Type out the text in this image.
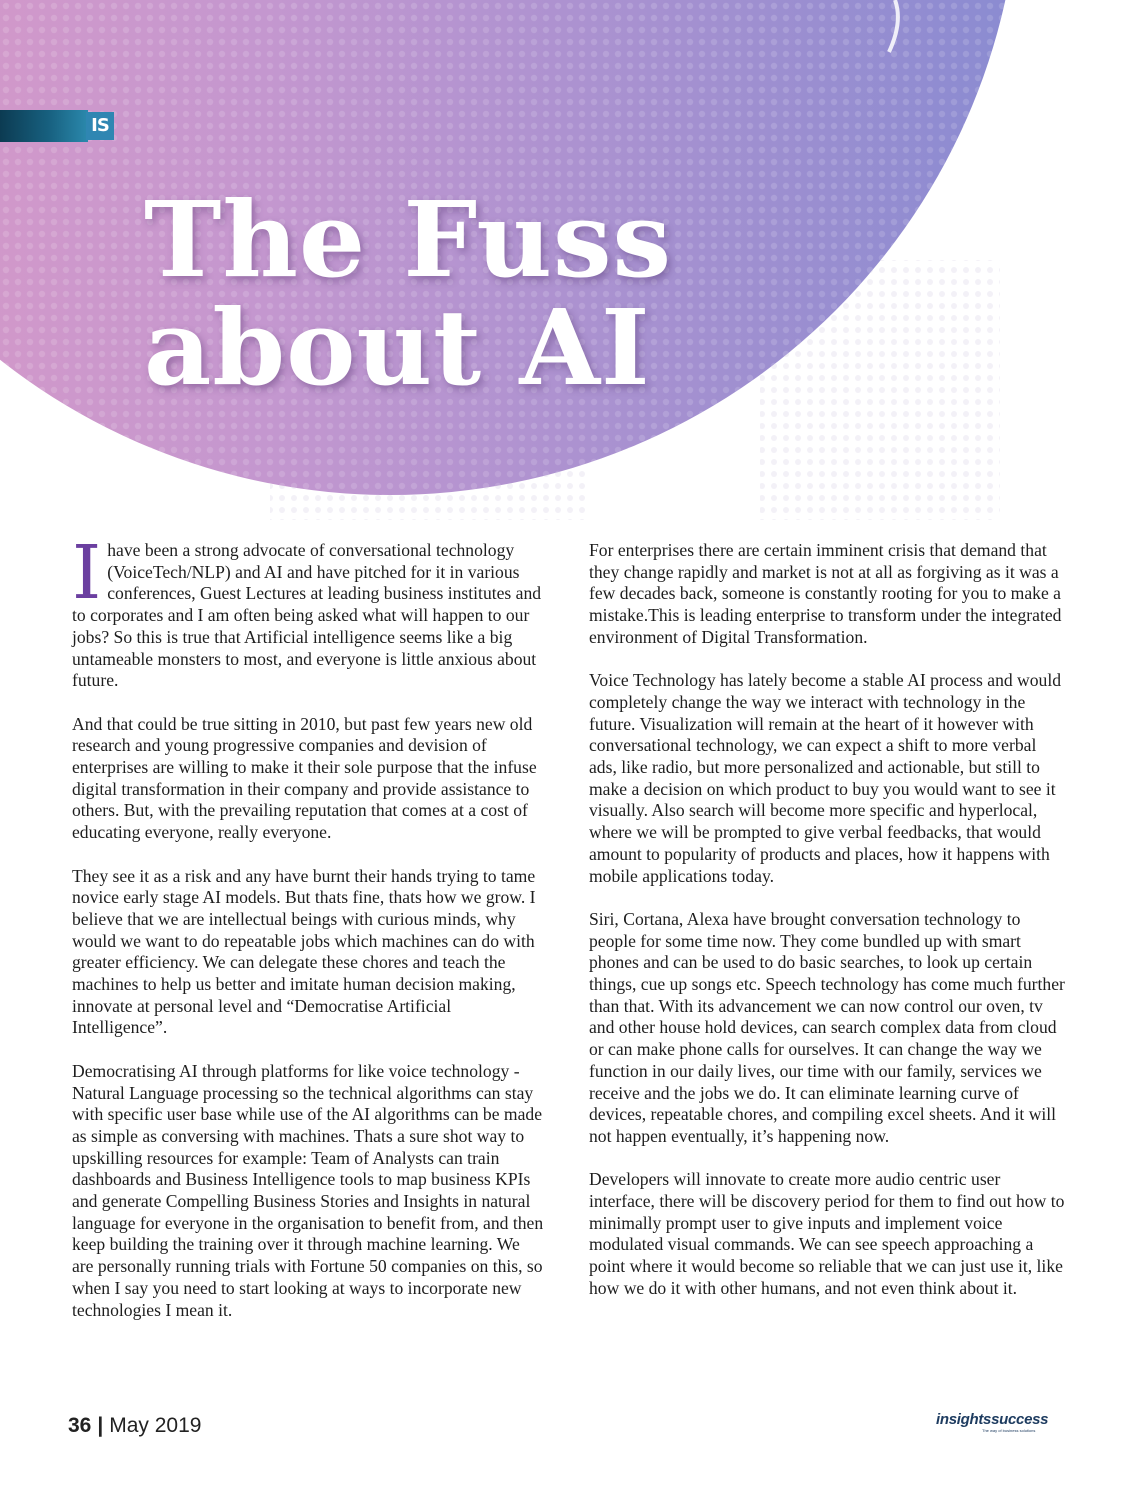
IS
The Fuss
about AI

I have been a strong advocate of conversational technology (VoiceTech/NLP) and AI and have pitched for it in various conferences, Guest Lectures at leading business institutes and to corporates and I am often being asked what will happen to our jobs? So this is true that Artificial intelligence seems like a big untameable monsters to most, and everyone is little anxious about future.

And that could be true sitting in 2010, but past few years new old research and young progressive companies and devision of enterprises are willing to make it their sole purpose that the infuse digital transformation in their company and provide assistance to others. But, with the prevailing reputation that comes at a cost of educating everyone, really everyone.

They see it as a risk and any have burnt their hands trying to tame novice early stage AI models. But thats fine, thats how we grow. I believe that we are intellectual beings with curious minds, why would we want to do repeatable jobs which machines can do with greater efficiency. We can delegate these chores and teach the machines to help us better and imitate human decision making, innovate at personal level and “Democratise Artificial Intelligence”.

Democratising AI through platforms for like voice technology - Natural Language processing so the technical algorithms can stay with specific user base while use of the AI algorithms can be made as simple as conversing with machines. Thats a sure shot way to upskilling resources for example: Team of Analysts can train dashboards and Business Intelligence tools to map business KPIs and generate Compelling Business Stories and Insights in natural language for everyone in the organisation to benefit from, and then keep building the training over it through machine learning. We are personally running trials with Fortune 50 companies on this, so when I say you need to start looking at ways to incorporate new technologies I mean it.

For enterprises there are certain imminent crisis that demand that they change rapidly and market is not at all as forgiving as it was a few decades back, someone is constantly rooting for you to make a mistake.This is leading enterprise to transform under the integrated environment of Digital Transformation.

Voice Technology has lately become a stable AI process and would completely change the way we interact with technology in the future. Visualization will remain at the heart of it however with conversational technology, we can expect a shift to more verbal ads, like radio, but more personalized and actionable, but still to make a decision on which product to buy you would want to see it visually. Also search will become more specific and hyperlocal, where we will be prompted to give verbal feedbacks, that would amount to popularity of products and places, how it happens with mobile applications today.

Siri, Cortana, Alexa have brought conversation technology to people for some time now. They come bundled up with smart phones and can be used to do basic searches, to look up certain things, cue up songs etc. Speech technology has come much further than that. With its advancement we can now control our oven, tv and other house hold devices, can search complex data from cloud or can make phone calls for ourselves. It can change the way we function in our daily lives, our time with our family, services we receive and the jobs we do. It can eliminate learning curve of devices, repeatable chores, and compiling excel sheets. And it will not happen eventually, it’s happening now.

Developers will innovate to create more audio centric user interface, there will be discovery period for them to find out how to minimally prompt user to give inputs and implement voice modulated visual commands. We can see speech approaching a point where it would become so reliable that we can just use it, like how we do it with other humans, and not even think about it.

36 | May 2019	insightssuccess
The way of business solutions
